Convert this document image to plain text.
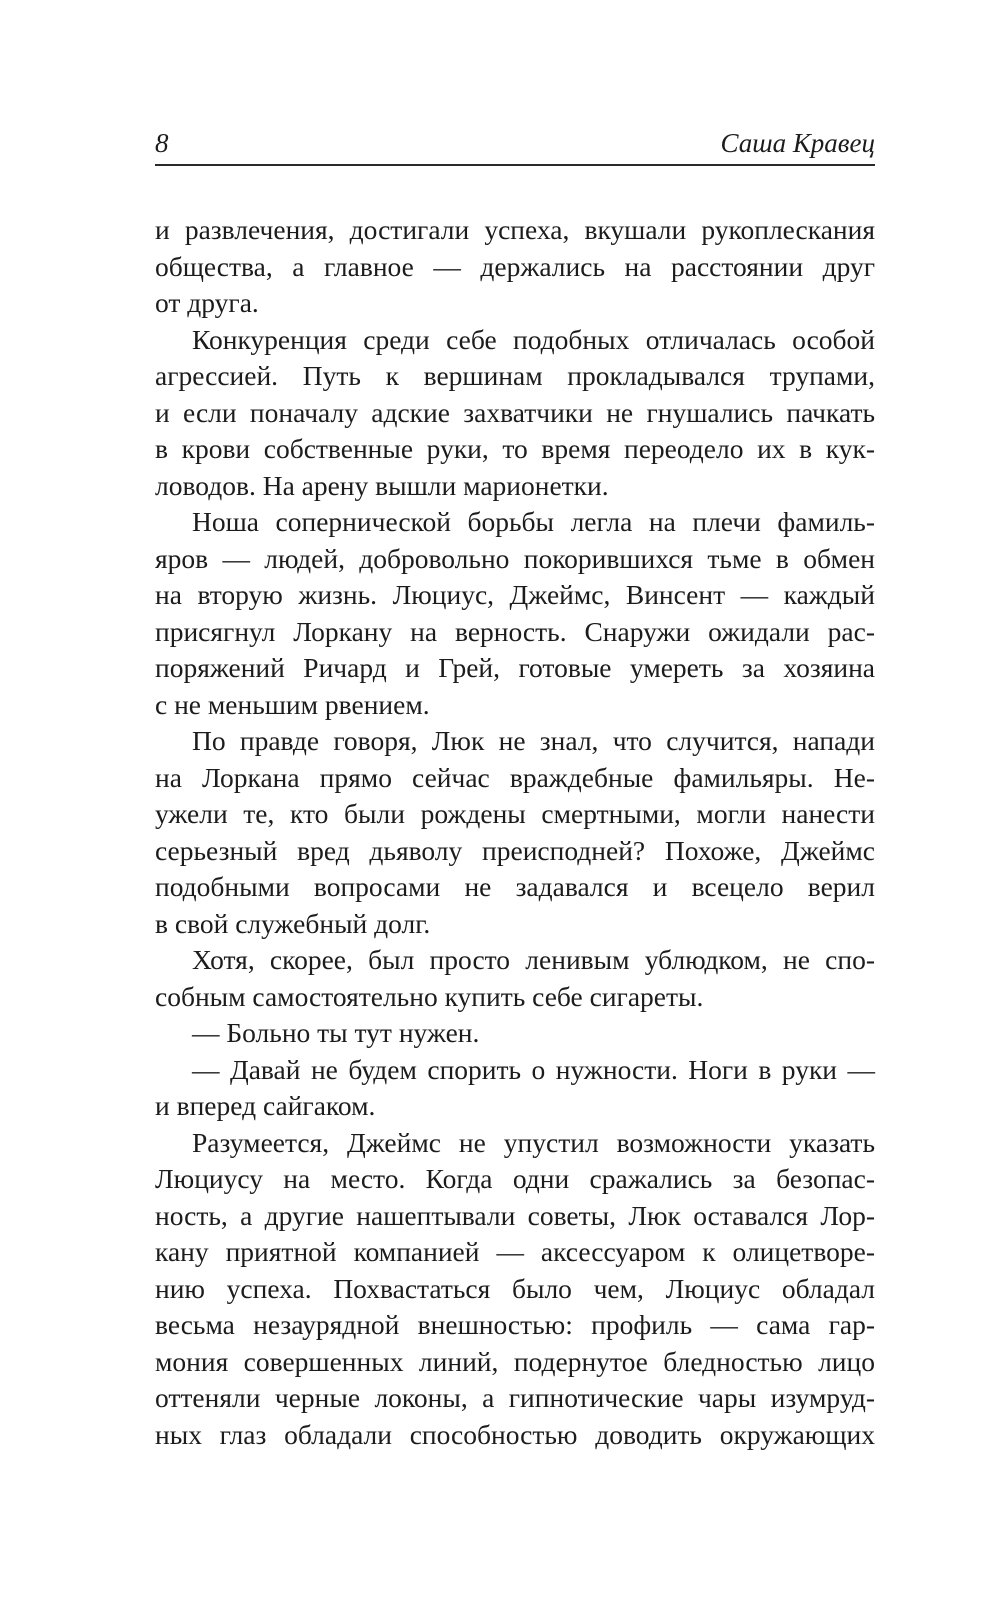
8	Саша Кравец
и развлечения, достигали успеха, вкушали рукоплескания
общества, а главное — держались на расстоянии друг
от друга.
Конкуренция среди себе подобных отличалась особой
агрессией. Путь к вершинам прокладывался трупами,
и если поначалу адские захватчики не гнушались пачкать
в крови собственные руки, то время переоделo их в кук-
ловодов. На арену вышли марионетки.
Ноша сопернической борьбы легла на плечи фамиль-
яров — людей, добровольно покорившихся тьме в обмен
на вторую жизнь. Люциус, Джеймс, Винсент — каждый
присягнул Лоркану на верность. Снаружи ожидали рас-
поряжений Ричард и Грей, готовые умереть за хозяина
с не меньшим рвением.
По правде говоря, Люк не знал, что случится, напади
на Лоркана прямо сейчас враждебные фамильяры. Не-
ужели те, кто были рождены смертными, могли нанести
серьезный вред дьяволу преисподней? Похоже, Джеймс
подобными вопросами не задавался и всецело верил
в свой служебный долг.
Хотя, скорее, был просто ленивым ублюдком, не спо-
собным самостоятельно купить себе сигареты.
— Больно ты тут нужен.
— Давай не будем спорить о нужности. Ноги в руки —
и вперед сайгаком.
Разумеется, Джеймс не упустил возможности указать
Люциусу на место. Когда одни сражались за безопас-
ность, а другие нашептывали советы, Люк оставался Лор-
кану приятной компанией — аксессуаром к олицетворе-
нию успеха. Похвастаться было чем, Люциус обладал
весьма незаурядной внешностью: профиль — сама гар-
мония совершенных линий, подернутое бледностью лицо
оттеняли черные локоны, а гипнотические чары изумруд-
ных глаз обладали способностью доводить окружающих
